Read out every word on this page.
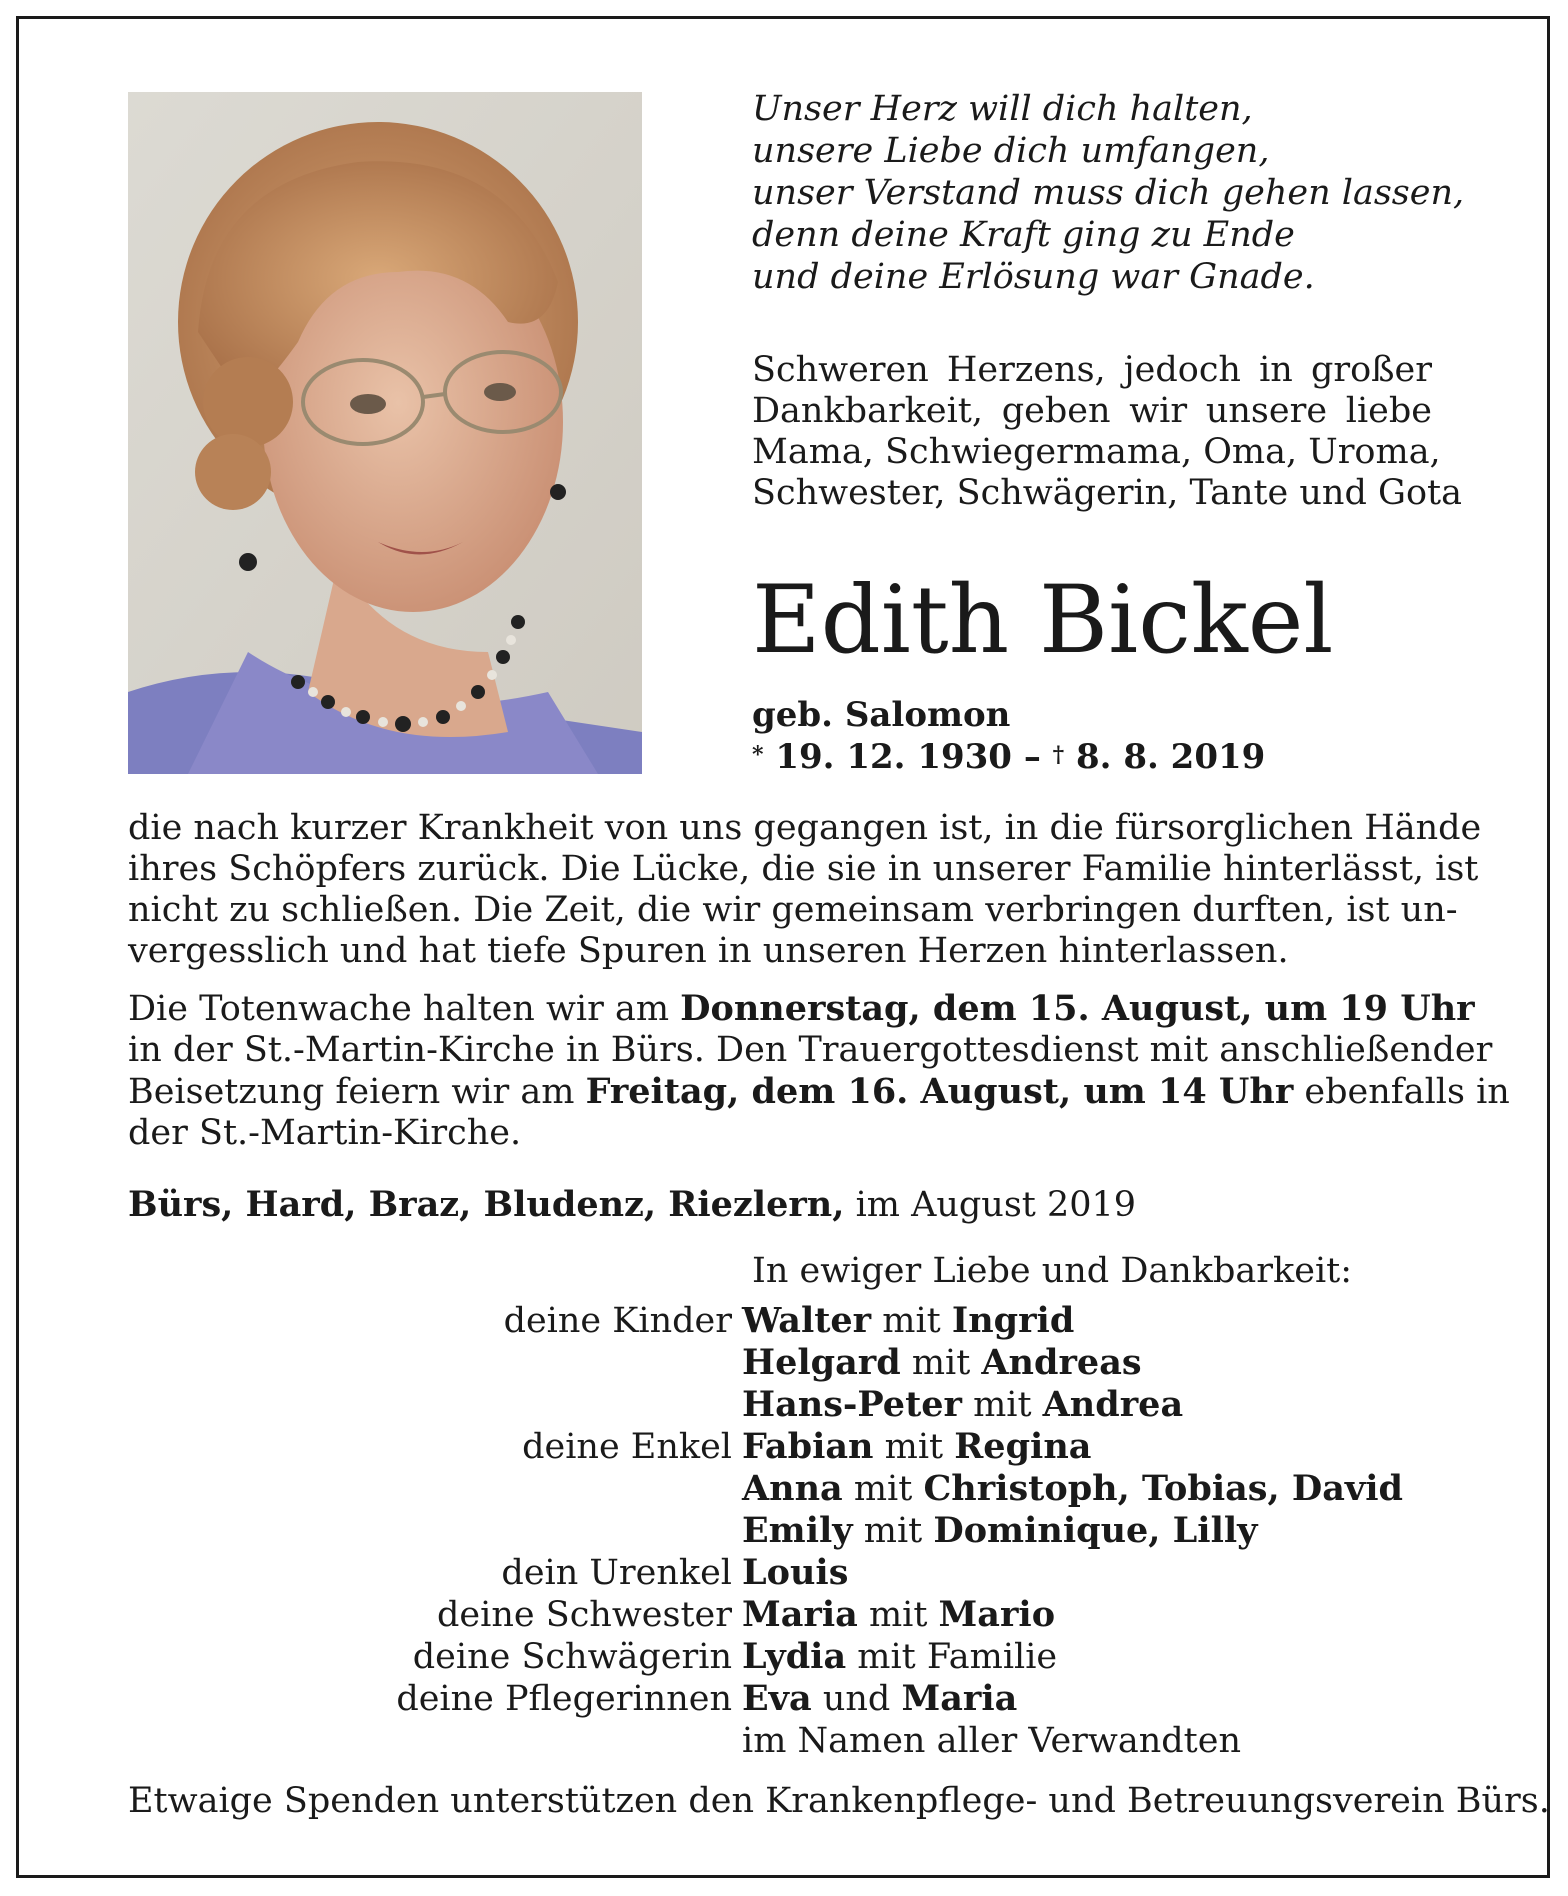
Unser Herz will dich halten,
unsere Liebe dich umfangen,
unser Verstand muss dich gehen lassen,
denn deine Kraft ging zu Ende
und deine Erlösung war Gnade.
Schweren Herzens, jedoch in großer
Dankbarkeit, geben wir unsere liebe
Mama, Schwiegermama, Oma, Uroma,
Schwester, Schwägerin, Tante und Gota
Edith Bickel
geb. Salomon
* 19. 12. 1930 – † 8. 8. 2019
die nach kurzer Krankheit von uns gegangen ist, in die fürsorglichen Hände
ihres Schöpfers zurück. Die Lücke, die sie in unserer Familie hinterlässt, ist
nicht zu schließen. Die Zeit, die wir gemeinsam verbringen durften, ist un-
vergesslich und hat tiefe Spuren in unseren Herzen hinterlassen.
Die Totenwache halten wir am Donnerstag, dem 15. August, um 19 Uhr
in der St.-Martin-Kirche in Bürs. Den Trauergottesdienst mit anschließender
Beisetzung feiern wir am Freitag, dem 16. August, um 14 Uhr ebenfalls in
der St.-Martin-Kirche.
Bürs, Hard, Braz, Bludenz, Riezlern, im August 2019
In ewiger Liebe und Dankbarkeit:
deine Kinder Walter mit Ingrid
Helgard mit Andreas
Hans-Peter mit Andrea
deine Enkel Fabian mit Regina
Anna mit Christoph, Tobias, David
Emily mit Dominique, Lilly
dein Urenkel Louis
deine Schwester Maria mit Mario
deine Schwägerin Lydia mit Familie
deine Pflegerinnen Eva und Maria
im Namen aller Verwandten
Etwaige Spenden unterstützen den Krankenpflege- und Betreuungsverein Bürs.
